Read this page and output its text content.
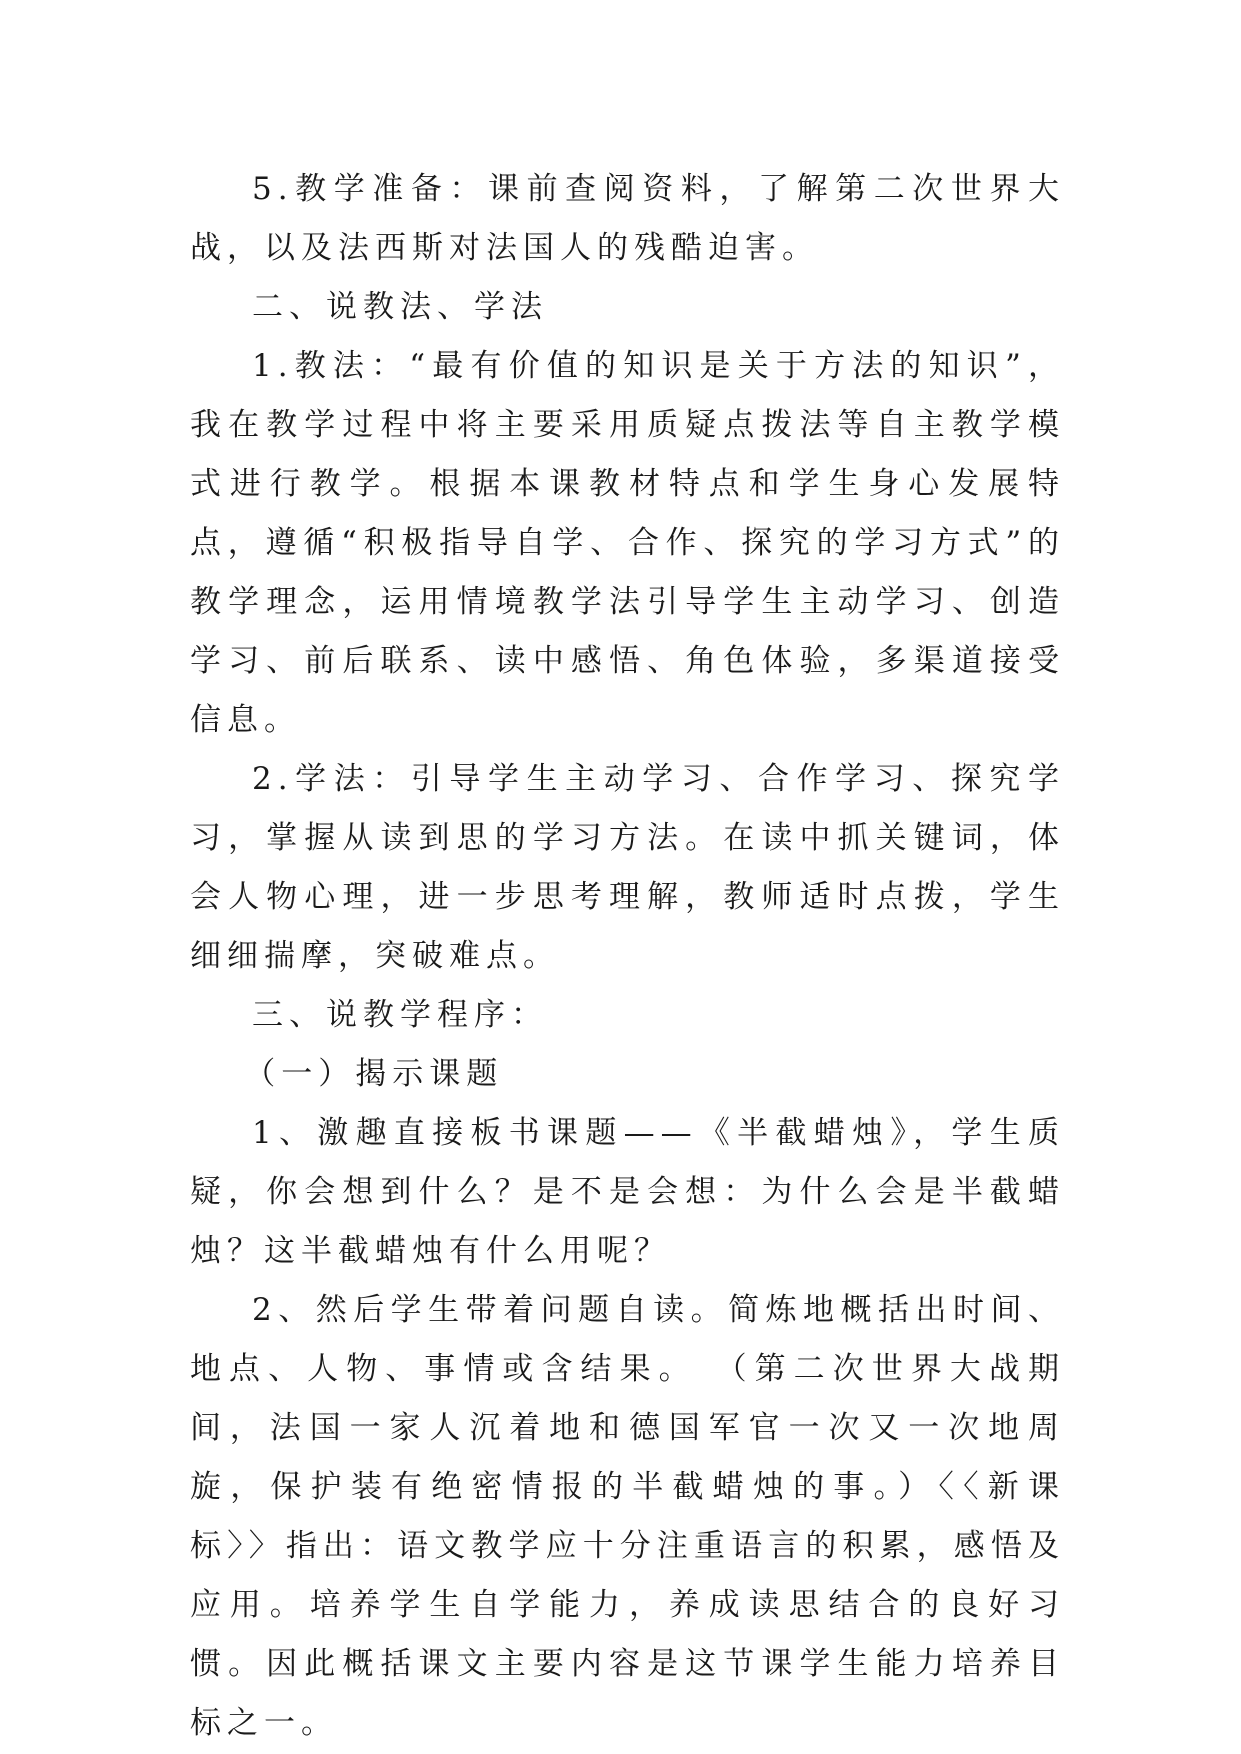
5.教学准备：课前查阅资料，了解第二次世界大战，以及法西斯对法国人的残酷迫害。

二、说教法、学法

1.教法：“最有价值的知识是关于方法的知识”，我在教学过程中将主要采用质疑点拨法等自主教学模式进行教学。根据本课教材特点和学生身心发展特点，遵循“积极指导自学、合作、探究的学习方式”的教学理念，运用情境教学法引导学生主动学习、创造学习、前后联系、读中感悟、角色体验，多渠道接受信息。

2.学法：引导学生主动学习、合作学习、探究学习，掌握从读到思的学习方法。在读中抓关键词，体会人物心理，进一步思考理解，教师适时点拨，学生细细揣摩，突破难点。

三、说教学程序：

（一）揭示课题

1、激趣直接板书课题——《半截蜡烛》，学生质疑，你会想到什么？是不是会想：为什么会是半截蜡烛？这半截蜡烛有什么用呢？

2、然后学生带着问题自读。简炼地概括出时间、地点、人物、事情或含结果。 （第二次世界大战期间，法国一家人沉着地和德国军官一次又一次地周旋，保护装有绝密情报的半截蜡烛的事。）〈〈新课标〉〉指出：语文教学应十分注重语言的积累，感悟及应用。培养学生自学能力，养成读思结合的良好习惯。因此概括课文主要内容是这节课学生能力培养目标之一。
